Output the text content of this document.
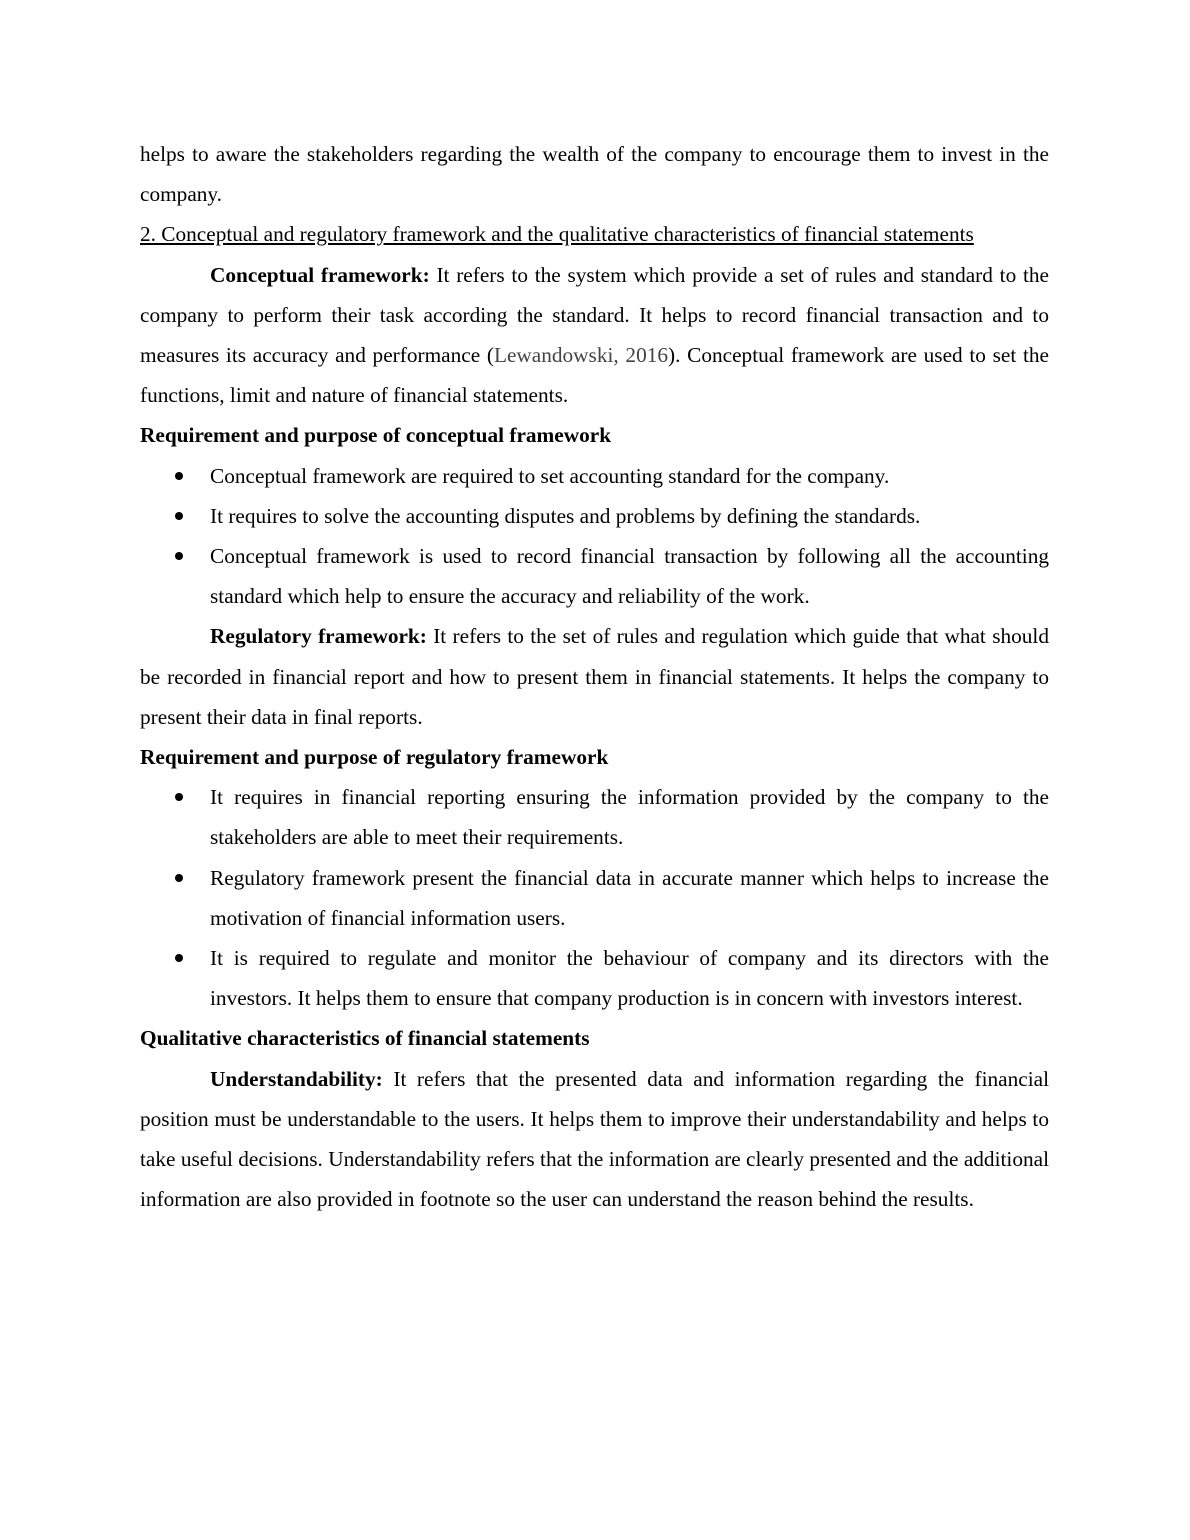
helps to aware the stakeholders regarding the wealth of the company to encourage them to invest in the company.

2. Conceptual and regulatory framework and the qualitative characteristics of financial statements

Conceptual framework: It refers to the system which provide a set of rules and standard to the company to perform their task according the standard. It helps to record financial transaction and to measures its accuracy and performance (Lewandowski, 2016). Conceptual framework are used to set the functions, limit and nature of financial statements.

Requirement and purpose of conceptual framework
Conceptual framework are required to set accounting standard for the company.
It requires to solve the accounting disputes and problems by defining the standards.
Conceptual framework is used to record financial transaction by following all the accounting standard which help to ensure the accuracy and reliability of the work.

Regulatory framework: It refers to the set of rules and regulation which guide that what should be recorded in financial report and how to present them in financial statements. It helps the company to present their data in final reports.

Requirement and purpose of regulatory framework
It requires in financial reporting ensuring the information provided by the company to the stakeholders are able to meet their requirements.
Regulatory framework present the financial data in accurate manner which helps to increase the motivation of financial information users.
It is required to regulate and monitor the behaviour of company and its directors with the investors. It helps them to ensure that company production is in concern with investors interest.
Qualitative characteristics of financial statements

Understandability: It refers that the presented data and information regarding the financial position must be understandable to the users. It helps them to improve their understandability and helps to take useful decisions. Understandability refers that the information are clearly presented and the additional information are also provided in footnote so the user can understand the reason behind the results.
